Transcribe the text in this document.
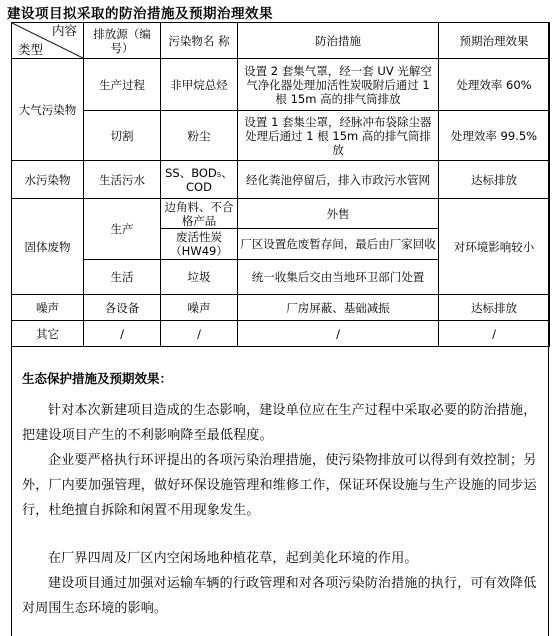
建设项目拟采取的防治措施及预期治理效果
内容
类型	排放源（编号）	污染物名 称	防治措施	预期治理效果
大气污染物	生产过程	非甲烷总烃	设置 2 套集气罩，经一套 UV 光解空气净化器处理加活性炭吸附后通过 1 根 15m 高的排气筒排放	处理效率 60%
	切割	粉尘	设置 1 套集尘罩，经脉冲布袋除尘器处理后通过 1 根 15m 高的排气筒排放	处理效率 99.5%
水污染物	生活污水	SS、BOD₅、COD	经化粪池停留后，排入市政污水管网	达标排放
固体废物	生产	边角料、不合格产品	外售	对环境影响较小
		废活性炭（HW49）	厂区设置危废暂存间，最后由厂家回收	
	生活	垃圾	统一收集后交由当地环卫部门处置	
噪声	各设备	噪声	厂房屏蔽、基础减振	达标排放
其它	/	/	/	/
生态保护措施及预期效果：

针对本次新建项目造成的生态影响，建设单位应在生产过程中采取必要的防治措施，把建设项目产生的不利影响降至最低程度。

企业要严格执行环评提出的各项污染治理措施，使污染物排放可以得到有效控制；另外，厂内要加强管理，做好环保设施管理和维修工作，保证环保设施与生产设施的同步运行，杜绝擅自拆除和闲置不用现象发生。

在厂界四周及厂区内空闲场地种植花草，起到美化环境的作用。

建设项目通过加强对运输车辆的行政管理和对各项污染防治措施的执行，可有效降低对周围生态环境的影响。
